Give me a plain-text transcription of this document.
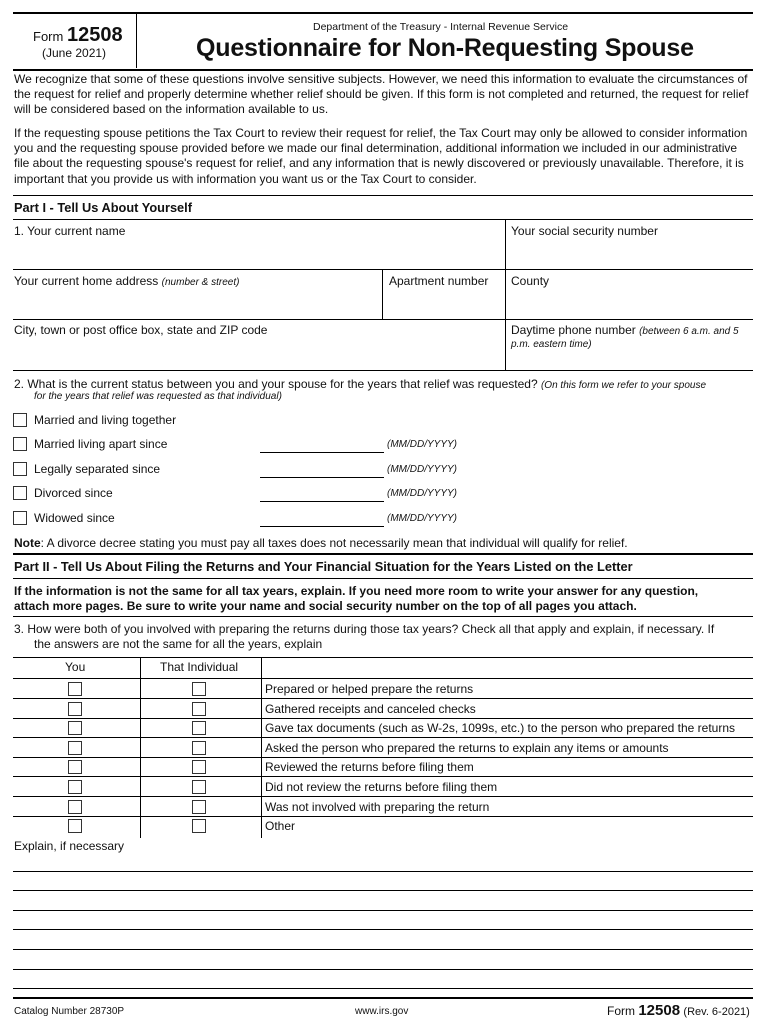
Form 12508
(June 2021)
Department of the Treasury - Internal Revenue Service
Questionnaire for Non-Requesting Spouse
We recognize that some of these questions involve sensitive subjects. However, we need this information to evaluate the circumstances of the request for relief and properly determine whether relief should be given. If this form is not completed and returned, the request for relief will be considered based on the information available to us.
If the requesting spouse petitions the Tax Court to review their request for relief, the Tax Court may only be allowed to consider information you and the requesting spouse provided before we made our final determination, additional information we included in our administrative file about the requesting spouse's request for relief, and any information that is newly discovered or previously unavailable. Therefore, it is important that you provide us with information you want us or the Tax Court to consider.
Part I - Tell Us About Yourself
1. Your current name	Your social security number
Your current home address (number & street)	Apartment number County
City, town or post office box, state and ZIP code	Daytime phone number (between 6 a.m. and 5
p.m. eastern time)
2. What is the current status between you and your spouse for the years that relief was requested? (On this form we refer to your spouse
for the years that relief was requested as that individual)
Married and living together
Married living apart since	(MM/DD/YYYY)
Legally separated since	(MM/DD/YYYY)
Divorced since	(MM/DD/YYYY)
Widowed since	(MM/DD/YYYY)
Note: A divorce decree stating you must pay all taxes does not necessarily mean that individual will qualify for relief.
Part II - Tell Us About Filing the Returns and Your Financial Situation for the Years Listed on the Letter
If the information is not the same for all tax years, explain. If you need more room to write your answer for any question,
attach more pages. Be sure to write your name and social security number on the top of all pages you attach.
3. How were both of you involved with preparing the returns during those tax years? Check all that apply and explain, if necessary. If
the answers are not the same for all the years, explain
You	That Individual
Prepared or helped prepare the returns
Gathered receipts and canceled checks
Gave tax documents (such as W-2s, 1099s, etc.) to the person who prepared the returns
Asked the person who prepared the returns to explain any items or amounts
Reviewed the returns before filing them
Did not review the returns before filing them
Was not involved with preparing the return
Other
Explain, if necessary
Catalog Number 28730P	www.irs.gov	Form 12508 (Rev. 6-2021)
